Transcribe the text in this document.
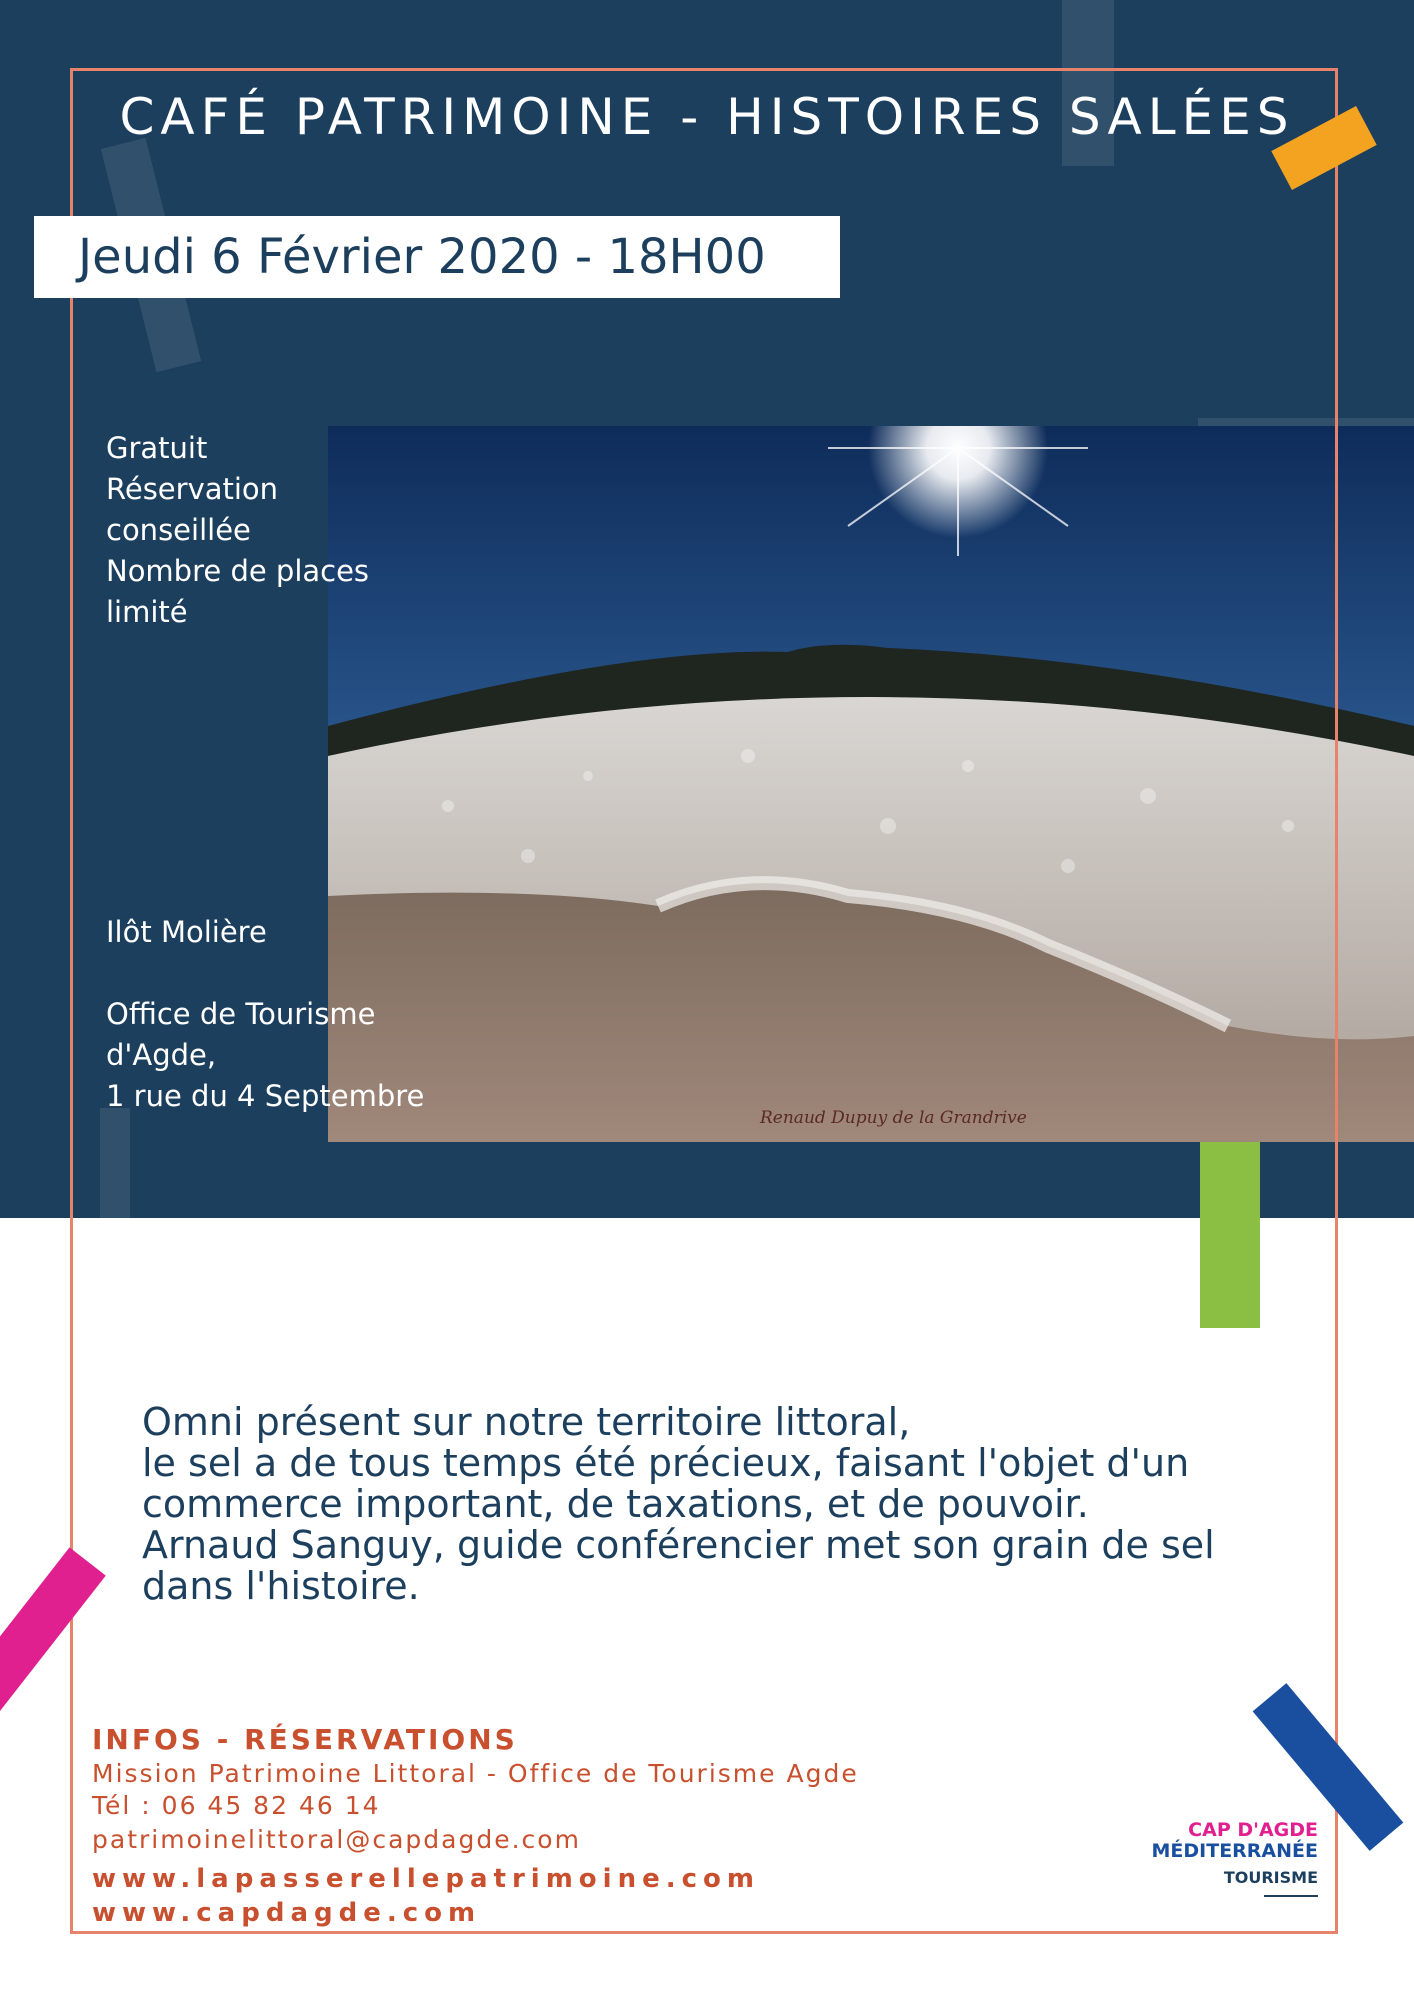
CAFÉ PATRIMOINE - HISTOIRES SALÉES
Jeudi 6 Février 2020 - 18H00
Gratuit
Réservation
conseillée
Nombre de places
limité
Ilôt Molière
Office de Tourisme
d'Agde,
1 rue du 4 Septembre
Renaud Dupuy de la Grandrive
Omni présent sur notre territoire littoral,
le sel a de tous temps été précieux, faisant l'objet d'un
commerce important, de taxations, et de pouvoir.
Arnaud Sanguy, guide conférencier met son grain de sel
dans l'histoire.
INFOS - RÉSERVATIONS
Mission Patrimoine Littoral - Office de Tourisme Agde
Tél : 06 45 82 46 14
patrimoinelittoral@capdagde.com
www.lapasserellepatrimoine.com
www.capdagde.com
CAP D'AGDE
MÉDITERRANÉE
TOURISME
